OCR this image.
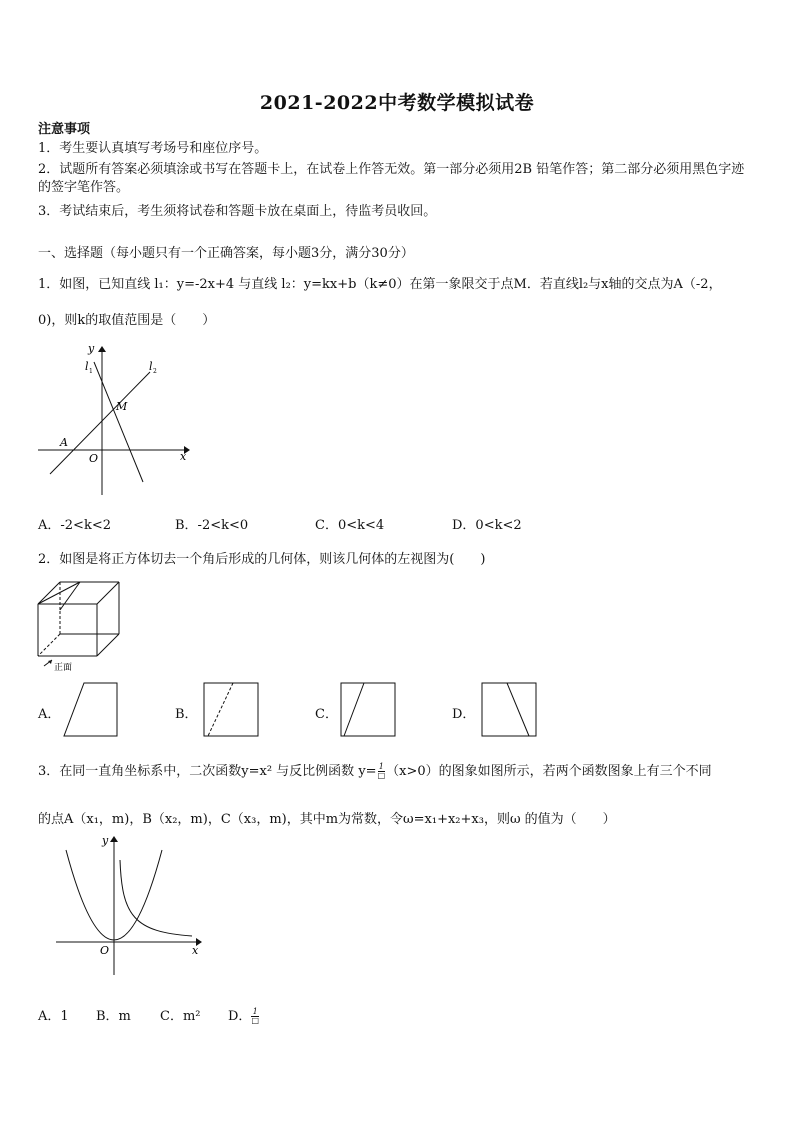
2021-2022中考数学模拟试卷
注意事项
1．考生要认真填写考场号和座位序号。
2．试题所有答案必须填涂或书写在答题卡上，在试卷上作答无效。第一部分必须用2B 铅笔作答；第二部分必须用黑色字迹的签字笔作答。
3．考试结束后，考生须将试卷和答题卡放在桌面上，待监考员收回。
一、选择题（每小题只有一个正确答案，每小题3分，满分30分）
1．如图，已知直线 l₁：y=-2x+4 与直线 l₂：y=kx+b（k≠0）在第一象限交于点M．若直线l₂与x轴的交点为A（-2，
0)，则k的取值范围是（　　）
y
x
O
A
M
l 1	l 2
A．-2<k<2	B．-2<k<0	C．0<k<4	D．0<k<2
2．如图是将正方体切去一个角后形成的几何体，则该几何体的左视图为(　　)
正面
A．	B．	C．	D．
3．在同一直角坐标系中，二次函数y=x² 与反比例函数 y= 1
□ （x>0）的图象如图所示，若两个函数图象上有三个不同
的点A（x₁，m)，B（x₂，m)，C（x₃，m)，其中m为常数，令ω=x₁+x₂+x₃，则ω 的值为（　　）
y
x
O
A．1 B．m C．m² D． 1
□
